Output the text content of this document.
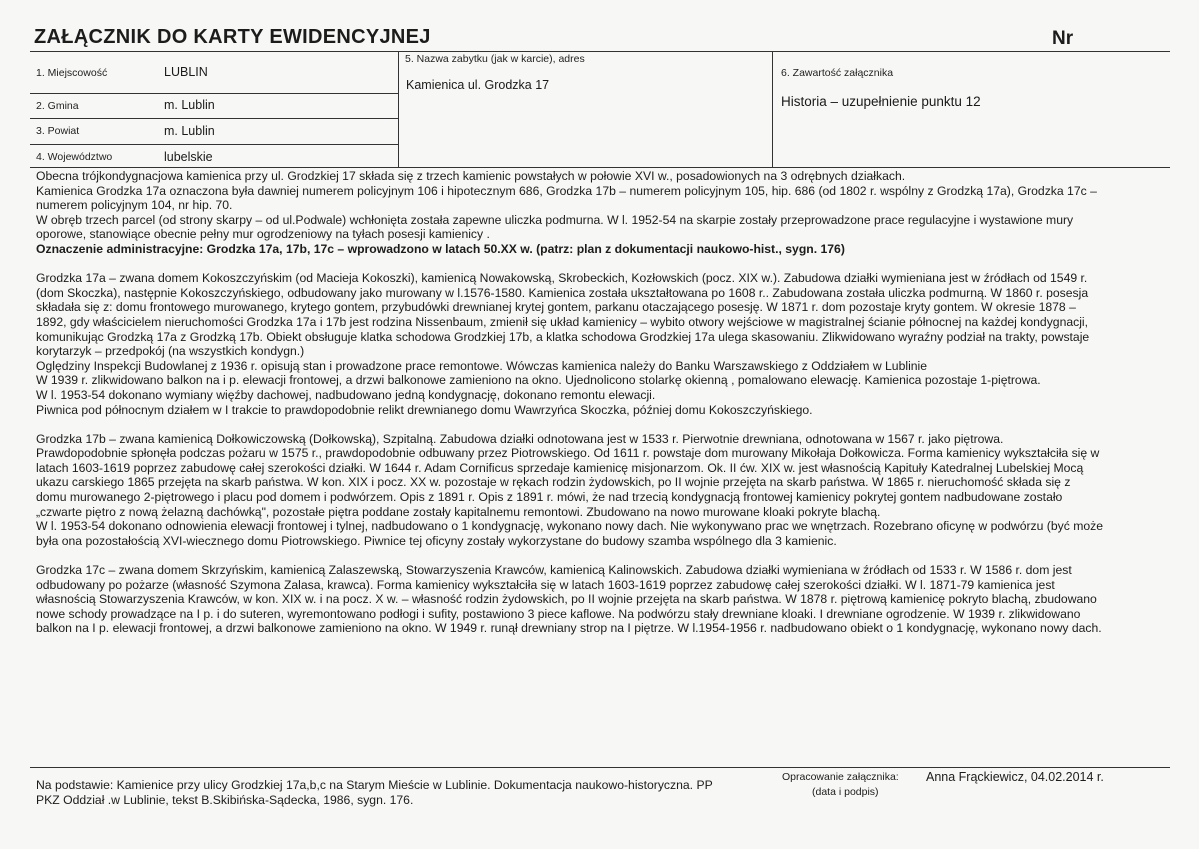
ZAŁĄCZNIK DO KARTY EWIDENCYJNEJ	Nr
1. Miejscowość	LUBLIN
2. Gmina	m. Lublin
3. Powiat	m. Lublin
4. Województwo	lubelskie
5. Nazwa zabytku (jak w karcie), adres
Kamienica ul. Grodzka 17
6. Zawartość załącznika
Historia – uzupełnienie punktu 12

Obecna trójkondygnacjowa kamienica przy ul. Grodzkiej 17 składa się z trzech kamienic powstałych w połowie XVI w., posadowionych na 3 odrębnych działkach.

Kamienica Grodzka 17a oznaczona była dawniej numerem policyjnym 106 i hipotecznym 686, Grodzka 17b – numerem policyjnym 105, hip. 686 (od 1802 r. wspólny z Grodzką 17a), Grodzka 17c –

numerem policyjnym 104, nr hip. 70.

W obręb trzech parcel (od strony skarpy – od ul.Podwale) wchłonięta została zapewne uliczka podmurna. W l. 1952-54 na skarpie zostały przeprowadzone prace regulacyjne i wystawione mury

oporowe, stanowiące obecnie pełny mur ogrodzeniowy na tyłach posesji kamienicy .

Oznaczenie administracyjne: Grodzka 17a, 17b, 17c – wprowadzono w latach 50.XX w. (patrz: plan z dokumentacji naukowo-hist., sygn. 176)

Grodzka 17a – zwana domem Kokoszczyńskim (od Macieja Kokoszki), kamienicą Nowakowską, Skrobeckich, Kozłowskich (pocz. XIX w.). Zabudowa działki wymieniana jest w źródłach od 1549 r.

(dom Skoczka), następnie Kokoszczyńskiego, odbudowany jako murowany w l.1576-1580. Kamienica została ukształtowana po 1608 r.. Zabudowana została uliczka podmurną. W 1860 r. posesja

składała się z: domu frontowego murowanego, krytego gontem, przybudówki drewnianej krytej gontem, parkanu otaczającego posesję. W 1871 r. dom pozostaje kryty gontem. W okresie 1878 –

1892, gdy właścicielem nieruchomości Grodzka 17a i 17b jest rodzina Nissenbaum, zmienił się układ kamienicy – wybito otwory wejściowe w magistralnej ścianie północnej na każdej kondygnacji,

komunikując Grodzką 17a z Grodzką 17b. Obiekt obsługuje klatka schodowa Grodzkiej 17b, a klatka schodowa Grodzkiej 17a ulega skasowaniu. Zlikwidowano wyraźny podział na trakty, powstaje

korytarzyk – przedpokój (na wszystkich kondygn.)

Oględziny Inspekcji Budowlanej z 1936 r. opisują stan i prowadzone prace remontowe. Wówczas kamienica należy do Banku Warszawskiego z Oddziałem w Lublinie

W 1939 r. zlikwidowano balkon na i p. elewacji frontowej, a drzwi balkonowe zamieniono na okno. Ujednolicono stolarkę okienną , pomalowano elewację. Kamienica pozostaje 1-piętrowa.

W l. 1953-54 dokonano wymiany więźby dachowej, nadbudowano jedną kondygnację, dokonano remontu elewacji.

Piwnica pod północnym działem w I trakcie to prawdopodobnie relikt drewnianego domu Wawrzyńca Skoczka, później domu Kokoszczyńskiego.

Grodzka 17b – zwana kamienicą Dołkowiczowską (Dołkowską), Szpitalną. Zabudowa działki odnotowana jest w 1533 r. Pierwotnie drewniana, odnotowana w 1567 r. jako piętrowa.

Prawdopodobnie spłonęła podczas pożaru w 1575 r., prawdopodobnie odbuwany przez Piotrowskiego. Od 1611 r. powstaje dom murowany Mikołaja Dołkowicza. Forma kamienicy wykształciła się w

latach 1603-1619 poprzez zabudowę całej szerokości działki. W 1644 r. Adam Cornificus sprzedaje kamienicę misjonarzom. Ok. II ćw. XIX w. jest własnością Kapituły Katedralnej Lubelskiej Mocą

ukazu carskiego 1865 przejęta na skarb państwa. W kon. XIX i pocz. XX w. pozostaje w rękach rodzin żydowskich, po II wojnie przejęta na skarb państwa. W 1865 r. nieruchomość składa się z

domu murowanego 2-piętrowego i placu pod domem i podwórzem. Opis z 1891 r. Opis z 1891 r. mówi, że nad trzecią kondygnacją frontowej kamienicy pokrytej gontem nadbudowane zostało

„czwarte piętro z nową żelazną dachówką", pozostałe piętra poddane zostały kapitalnemu remontowi. Zbudowano na nowo murowane kloaki pokryte blachą.

W l. 1953-54 dokonano odnowienia elewacji frontowej i tylnej, nadbudowano o 1 kondygnację, wykonano nowy dach. Nie wykonywano prac we wnętrzach. Rozebrano oficynę w podwórzu (być może

była ona pozostałością XVI-wiecznego domu Piotrowskiego. Piwnice tej oficyny zostały wykorzystane do budowy szamba wspólnego dla 3 kamienic.

Grodzka 17c – zwana domem Skrzyńskim, kamienicą Zalaszewską, Stowarzyszenia Krawców, kamienicą Kalinowskich. Zabudowa działki wymieniana w źródłach od 1533 r. W 1586 r. dom jest

odbudowany po pożarze (własność Szymona Zalasa, krawca). Forma kamienicy wykształciła się w latach 1603-1619 poprzez zabudowę całej szerokości działki. W l. 1871-79 kamienica jest

własnością Stowarzyszenia Krawców, w kon. XIX w. i na pocz. X w. – własność rodzin żydowskich, po II wojnie przejęta na skarb państwa. W 1878 r. piętrową kamienicę pokryto blachą, zbudowano

nowe schody prowadzące na I p. i do suteren, wyremontowano podłogi i sufity, postawiono 3 piece kaflowe. Na podwórzu stały drewniane kloaki. I drewniane ogrodzenie. W 1939 r. zlikwidowano

balkon na I p. elewacji frontowej, a drzwi balkonowe zamieniono na okno. W 1949 r. runął drewniany strop na I piętrze. W l.1954-1956 r. nadbudowano obiekt o 1 kondygnację, wykonano nowy dach.

Na podstawie: Kamienice przy ulicy Grodzkiej 17a,b,c na Starym Mieście w Lublinie. Dokumentacja naukowo-historyczna. PP
PKZ Oddział .w Lublinie, tekst B.Skibińska-Sądecka, 1986, sygn. 176.
Opracowanie załącznika: Anna Frąckiewicz, 04.02.2014 r.
(data i podpis)
